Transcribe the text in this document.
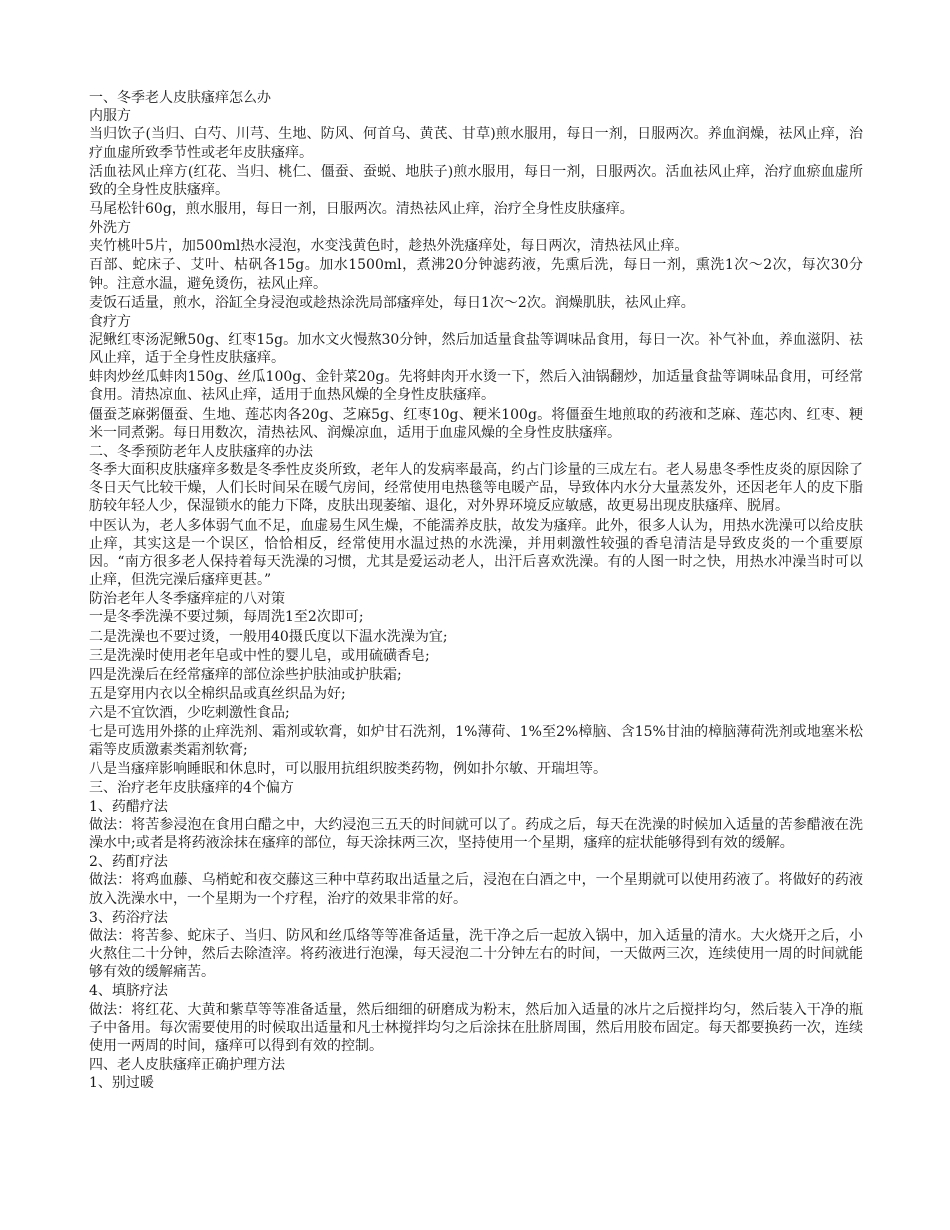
一、冬季老人皮肤瘙痒怎么办
内服方
当归饮子(当归、白芍、川芎、生地、防风、何首乌、黄芪、甘草)煎水服用，每日一剂，日服两次。养血润燥，祛风止痒，治疗血虚所致季节性或老年皮肤瘙痒。
活血祛风止痒方(红花、当归、桃仁、僵蚕、蚕蜕、地肤子)煎水服用，每日一剂，日服两次。活血祛风止痒，治疗血瘀血虚所致的全身性皮肤瘙痒。
马尾松针60g，煎水服用，每日一剂，日服两次。清热祛风止痒，治疗全身性皮肤瘙痒。
外洗方
夹竹桃叶5片，加500ml热水浸泡，水变浅黄色时，趁热外洗瘙痒处，每日两次，清热祛风止痒。
百部、蛇床子、艾叶、枯矾各15g。加水1500ml，煮沸20分钟滤药液，先熏后洗，每日一剂，熏洗1次～2次，每次30分钟。注意水温，避免烫伤，祛风止痒。
麦饭石适量，煎水，浴缸全身浸泡或趁热涂洗局部瘙痒处，每日1次～2次。润燥肌肤，祛风止痒。
食疗方
泥鳅红枣汤泥鳅50g、红枣15g。加水文火慢熬30分钟，然后加适量食盐等调味品食用，每日一次。补气补血，养血滋阴、祛风止痒，适于全身性皮肤瘙痒。
蚌肉炒丝瓜蚌肉150g、丝瓜100g、金针菜20g。先将蚌肉开水烫一下，然后入油锅翻炒，加适量食盐等调味品食用，可经常食用。清热凉血、祛风止痒，适用于血热风燥的全身性皮肤瘙痒。
僵蚕芝麻粥僵蚕、生地、莲芯肉各20g、芝麻5g、红枣10g、粳米100g。将僵蚕生地煎取的药液和芝麻、莲芯肉、红枣、粳米一同煮粥。每日用数次，清热祛风、润燥凉血，适用于血虚风燥的全身性皮肤瘙痒。
二、冬季预防老年人皮肤瘙痒的办法
冬季大面积皮肤瘙痒多数是冬季性皮炎所致，老年人的发病率最高，约占门诊量的三成左右。老人易患冬季性皮炎的原因除了冬日天气比较干燥，人们长时间呆在暖气房间，经常使用电热毯等电暖产品，导致体内水分大量蒸发外，还因老年人的皮下脂肪较年轻人少，保湿锁水的能力下降，皮肤出现萎缩、退化，对外界环境反应敏感，故更易出现皮肤瘙痒、脱屑。
中医认为，老人多体弱气血不足，血虚易生风生燥，不能濡养皮肤，故发为瘙痒。此外，很多人认为，用热水洗澡可以给皮肤止痒，其实这是一个误区，恰恰相反，经常使用水温过热的水洗澡，并用刺激性较强的香皂清洁是导致皮炎的一个重要原因。“南方很多老人保持着每天洗澡的习惯，尤其是爱运动老人，出汗后喜欢洗澡。有的人图一时之快，用热水冲澡当时可以止痒，但洗完澡后瘙痒更甚。”
防治老年人冬季瘙痒症的八对策
一是冬季洗澡不要过频，每周洗1至2次即可;
二是洗澡也不要过烫，一般用40摄氏度以下温水洗澡为宜;
三是洗澡时使用老年皂或中性的婴儿皂，或用硫磺香皂;
四是洗澡后在经常瘙痒的部位涂些护肤油或护肤霜;
五是穿用内衣以全棉织品或真丝织品为好;
六是不宜饮酒，少吃刺激性食品;
七是可选用外搽的止痒洗剂、霜剂或软膏，如炉甘石洗剂，1%薄荷、1%至2%樟脑、含15%甘油的樟脑薄荷洗剂或地塞米松霜等皮质激素类霜剂软膏;
八是当瘙痒影响睡眠和休息时，可以服用抗组织胺类药物，例如扑尔敏、开瑞坦等。
三、治疗老年皮肤瘙痒的4个偏方
1、药醋疗法
做法：将苦参浸泡在食用白醋之中，大约浸泡三五天的时间就可以了。药成之后，每天在洗澡的时候加入适量的苦参醋液在洗澡水中;或者是将药液涂抹在瘙痒的部位，每天涂抹两三次，坚持使用一个星期，瘙痒的症状能够得到有效的缓解。
2、药酊疗法
做法：将鸡血藤、乌梢蛇和夜交藤这三种中草药取出适量之后，浸泡在白酒之中，一个星期就可以使用药液了。将做好的药液放入洗澡水中，一个星期为一个疗程，治疗的效果非常的好。
3、药浴疗法
做法：将苦参、蛇床子、当归、防风和丝瓜络等等准备适量，洗干净之后一起放入锅中，加入适量的清水。大火烧开之后，小火熬住二十分钟，然后去除渣滓。将药液进行泡澡，每天浸泡二十分钟左右的时间，一天做两三次，连续使用一周的时间就能够有效的缓解痛苦。
4、填脐疗法
做法：将红花、大黄和紫草等等准备适量，然后细细的研磨成为粉末，然后加入适量的冰片之后搅拌均匀，然后装入干净的瓶子中备用。每次需要使用的时候取出适量和凡士林搅拌均匀之后涂抹在肚脐周围，然后用胶布固定。每天都要换药一次，连续使用一两周的时间，瘙痒可以得到有效的控制。
四、老人皮肤瘙痒正确护理方法
1、别过暖
